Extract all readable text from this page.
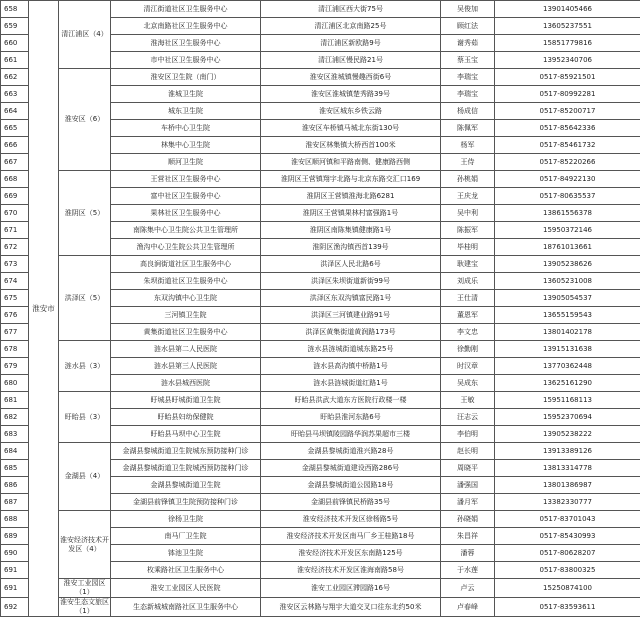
658	淮安市	清江浦区（4）	清江街道社区卫生服务中心	清江浦区西大街75号	吴俊加	13901405466
659			北京南路社区卫生服务中心	清江浦区北京南路25号	顾红法	13605237551
660			淮海社区卫生服务中心	清江浦区新欧路9号	谢秀茹	15851779816
661			市中社区卫生服务中心	清江浦区慢民路21号	蔡玉宝	13952340706
662		淮安区（6）	淮安区卫生院（南门）	淮安区淮城镇慢趣西街6号	李瑞宝	0517-85921501
663			淮城卫生院	淮安区淮城镇楚秀路39号	李瑞宝	0517-80992281
664			城东卫生院	淮安区城东乡铁云路	杨成信	0517-85200717
665			车桥中心卫生院	淮安区车桥镇马城北东街130号	陈佩军	0517-85642336
666			林集中心卫生院	淮安区林集镇大桥西首100米	杨军	0517-85461732
667			顺河卫生院	淮安区顺河镇和平路南侧、健康路西侧	王侍	0517-85220266
668		淮阴区（5）	王营社区卫生服务中心	淮阴区王营镇翔宇北路与北京东路交汇口169	孙桃娟	0517-84922130
669			富中社区卫生服务中心	淮阴区王营镇淮海北路6281	王庆龙	0517-80635537
670			果林社区卫生服务中心	淮阴区王营镇果林村富强路1号	吴中利	13861556378
671			南陈集中心卫生院公共卫生管理所	淮阴区南陈集镇健康路1号	陈振军	15950372146
672			渔沟中心卫生院公共卫生管理所	淮阴区渔沟镇西首139号	毕桂明	18761013661
673		洪泽区（5）	高良涧街道社区卫生服务中心	洪泽区人民北路6号	耿建宝	13905238626
674			朱坝街道社区卫生服务中心	洪泽区朱坝街道新街99号	刘成乐	13605231008
675			东双沟镇中心卫生院	洪泽区东双沟镇富民路1号	王仕清	13905054537
676			三河镇卫生院	洪泽区三河镇建业路91号	董恩军	13655159543
677			黄集街道社区卫生服务中心	洪泽区黄集街道黄润路173号	李文忠	13801402178
678		涟水县（3）	涟水县第二人民医院	涟水县涟城街道城东路25号	徐勤刚	13915131638
679			涟水县第三人民医院	涟水县高沟镇中桥路1号	时汉章	13770362448
680			涟水县城西医院	涟水县涟城街道红路1号	吴成东	13625161290
681		盱眙县（3）	盱城县盱城街道卫生院	盱眙县洪武大道东方医院行政楼一楼	王敏	15951168113
682			盱眙县妇幼保健院	盱眙县淮河东路6号	汪志云	15952370694
683			盱眙县马坝中心卫生院	盱眙县马坝镇陵园路华润苏果超市三楼	李伯明	13905238222
684		金湖县（4）	金湖县黎城街道卫生院城东预防接种门诊	金湖县黎城街道淮兴路28号	赵长明	13913389126
685			金湖县黎城街道卫生院城西预防接种门诊	金湖县黎城街道建设西路286号	周晓平	13813314778
686			金湖县黎城街道卫生院	金湖县黎城街道公园路18号	潘强国	13801386987
687			金湖县前锋镇卫生院预防接种门诊	金湖县前锋镇民桥路35号	潘月军	13382330777
688		淮安经济技术开发区（4）	徐杨卫生院	淮安经济技术开发区徐杨路5号	孙晓娟	0517-83701043
689			南马厂卫生院	淮安经济技术开发区南马厂乡王桂路18号	朱昌祥	0517-85430993
690			钵池卫生院	淮安经济技术开发区东南路125号	潘蓉	0517-80628207
691			枚乘路社区卫生服务中心	淮安经济技术开发区淮海南路58号	于水莲	0517-83800325
691		淮安工业园区（1）	淮安工业园区人民医院	淮安工业园区滞园路16号	卢云	15250874100
692		淮安生态文旅区（1）	生态新城城南路社区卫生服务中心	淮安区云林路与翔宇大道交叉口往东北约50米	卢春峰	0517-83593611
